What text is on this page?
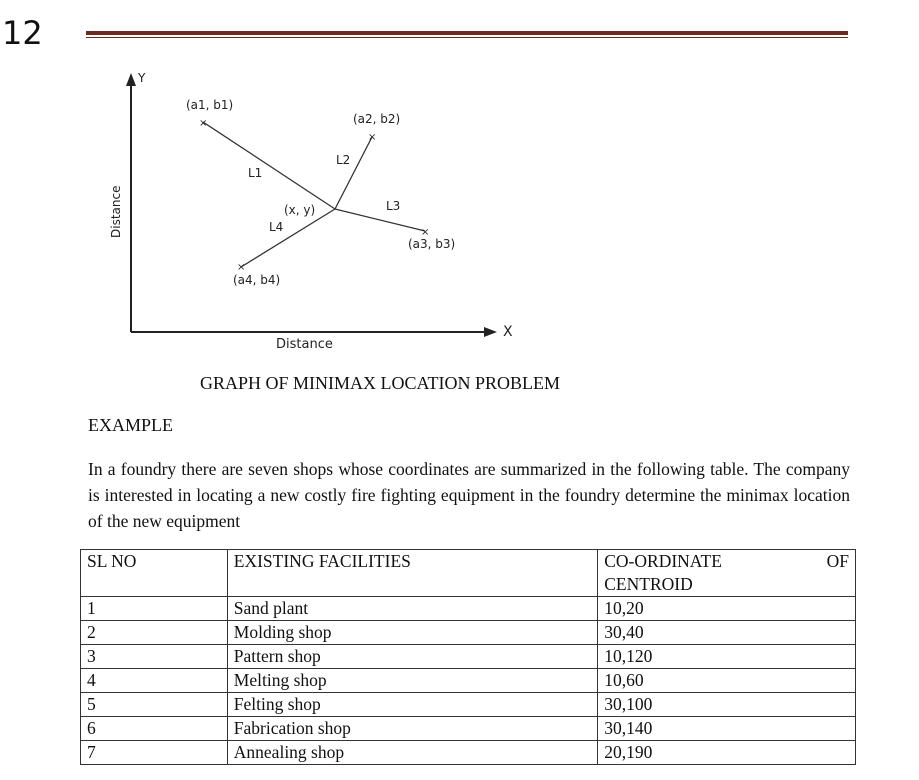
12
Y
X
Distance
Distance
×
×
×
×
(a1, b1)
(a2, b2)
(a3, b3)
(a4, b4)
(x, y)
L1
L2
L3
L4
GRAPH OF MINIMAX LOCATION PROBLEM
EXAMPLE
In a foundry there are seven shops whose coordinates are summarized in the following table. The company is interested in locating a new costly fire fighting equipment in the foundry determine the minimax location of the new equipment
SL NO	EXISTING FACILITIES	CO-ORDINATE OF
CENTROID

1	Sand plant	10,20
2	Molding shop	30,40
3	Pattern shop	10,120
4	Melting shop	10,60
5	Felting shop	30,100
6	Fabrication shop	30,140
7	Annealing shop	20,190
